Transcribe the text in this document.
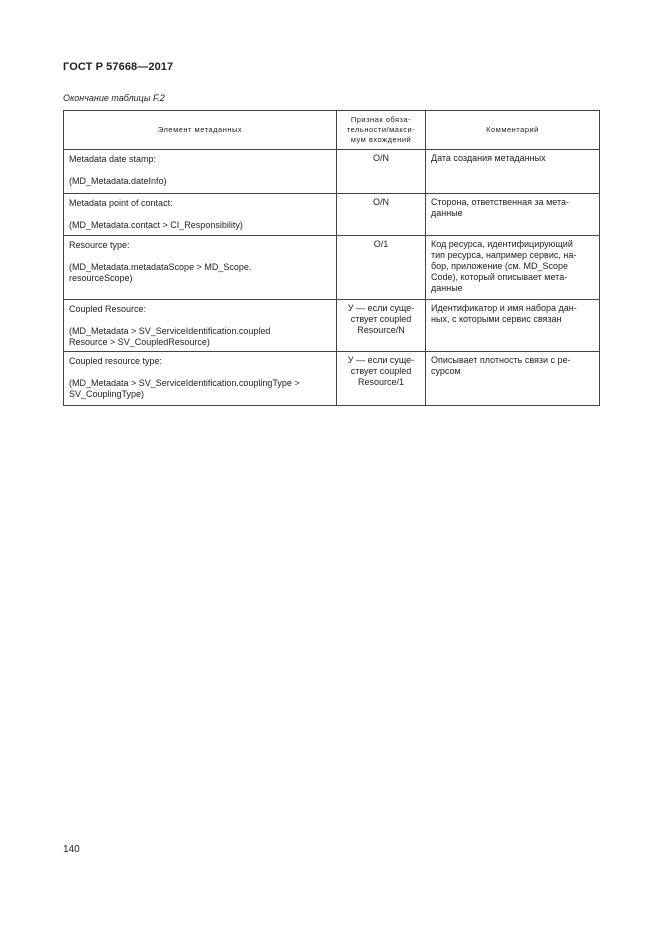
ГОСТ Р 57668—2017
Окончание таблицы F.2
Элемент метаданных	Признак обяза-
тельности/макси-
мум вхождений	Комментарий

Metadata date stamp:
(MD_Metadata.dateInfo)	O/N	Дата создания метаданных

Metadata point of contact:
(MD_Metadata.contact > CI_Responsibility)	O/N	Сторона, ответственная за мета-
данные

Resource type:
(MD_Metadata.metadataScope > MD_Scope.
resourceScope)	O/1	Код ресурса, идентифицирующий
тип ресурса, например сервис, на-
бор, приложение (см. MD_Scope
Code), который описывает мета-
данные

Coupled Resource:
(MD_Metadata > SV_ServiceIdentification.coupled
Resource > SV_CoupledResource)	У — если суще-
ствует coupled
Resource/N	Идентификатор и имя набора дан-
ных, с которыми сервис связан

Coupled resource type:
(MD_Metadata > SV_ServiceIdentification.couplingType >
SV_CouplingType)	У — если суще-
ствует coupled
Resource/1	Описывает плотность связи с ре-
сурсом
140
